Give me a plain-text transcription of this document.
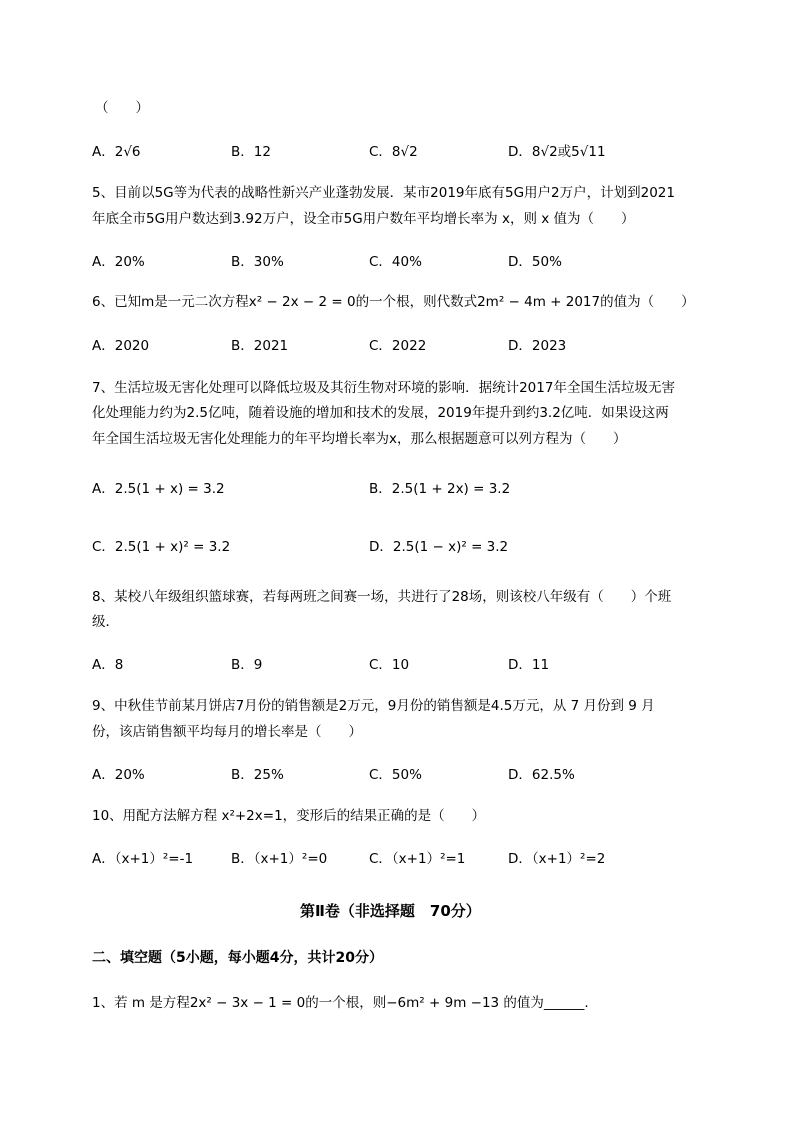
（　　）
A．2√6	B．12	C．8√2	D．8√2或5√11
5、目前以5G等为代表的战略性新兴产业蓬勃发展．某市2019年底有5G用户2万户，计划到2021
年底全市5G用户数达到3.92万户，设全市5G用户数年平均增长率为 x，则 x 值为（　　）
A．20%	B．30%	C．40%	D．50%
6、已知m是一元二次方程x² − 2x − 2 = 0的一个根，则代数式2m² − 4m + 2017的值为（　　）
A．2020	B．2021	C．2022	D．2023
7、生活垃圾无害化处理可以降低垃圾及其衍生物对环境的影响．据统计2017年全国生活垃圾无害
化处理能力约为2.5亿吨，随着设施的增加和技术的发展，2019年提升到约3.2亿吨．如果设这两
年全国生活垃圾无害化处理能力的年平均增长率为x，那么根据题意可以列方程为（　　）
A．2.5(1 + x) = 3.2	B．2.5(1 + 2x) = 3.2
C．2.5(1 + x)² = 3.2	D．2.5(1 − x)² = 3.2
8、某校八年级组织篮球赛，若每两班之间赛一场，共进行了28场，则该校八年级有（　　）个班
级．
A．8	B．9	C．10	D．11
9、中秋佳节前某月饼店7月份的销售额是2万元，9月份的销售额是4.5万元，从 7 月份到 9 月
份，该店销售额平均每月的增长率是（　　）
A．20%	B．25%	C．50%	D．62.5%
10、用配方法解方程 x²+2x=1，变形后的结果正确的是（　　）
A．（x+1）²=-1	B．（x+1）²=0	C．（x+1）²=1	D．（x+1）²=2
第Ⅱ卷（非选择题　70分）
二、填空题（5小题，每小题4分，共计20分）
1、若 m 是方程2x² − 3x − 1 = 0的一个根，则−6m² + 9m −13 的值为______.
